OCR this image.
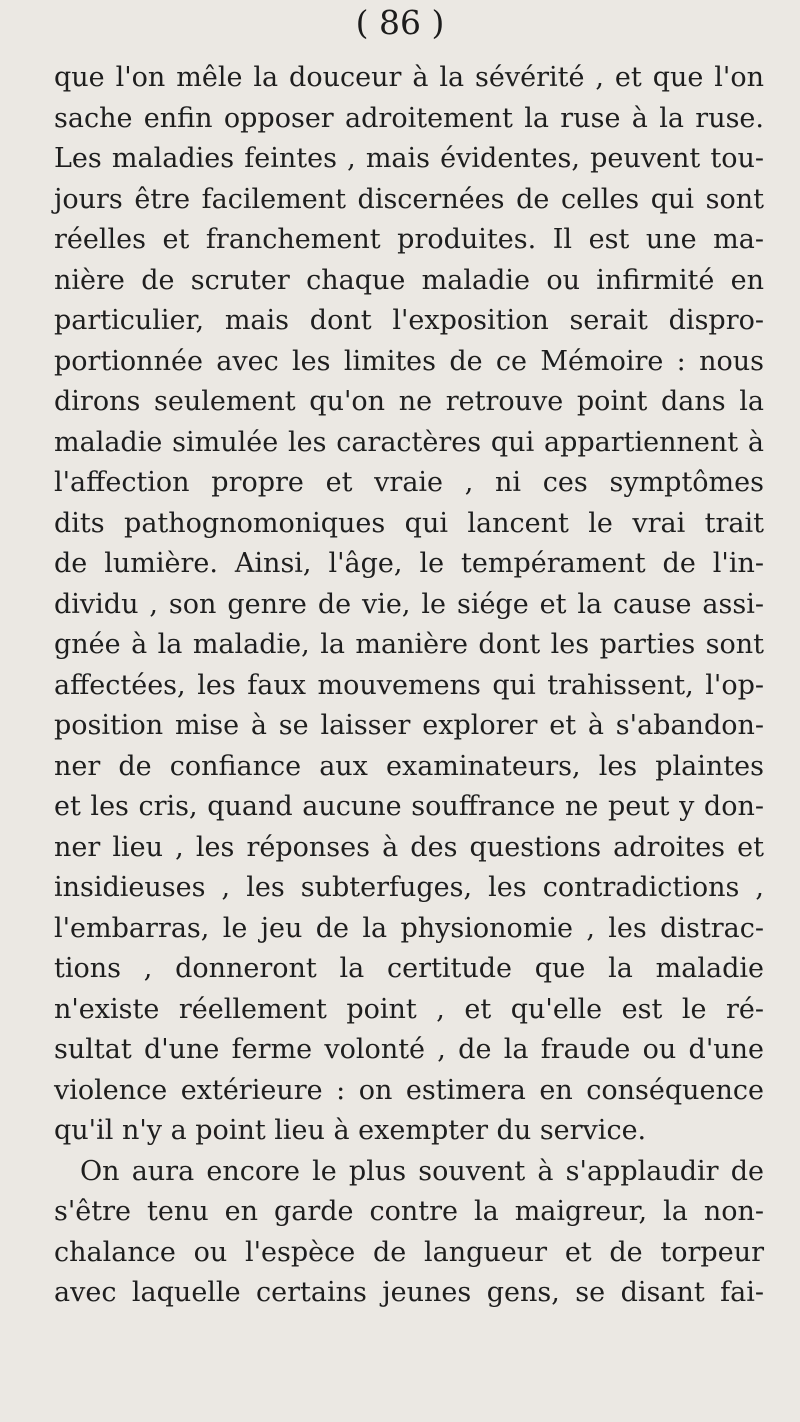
( 86 )
que l'on mêle la douceur à la sévérité , et que l'on
sache enfin opposer adroitement la ruse à la ruse.
Les maladies feintes , mais évidentes, peuvent tou-
jours être facilement discernées de celles qui sont
réelles et franchement produites. Il est une ma-
nière de scruter chaque maladie ou infirmité en
particulier, mais dont l'exposition serait dispro-
portionnée avec les limites de ce Mémoire : nous
dirons seulement qu'on ne retrouve point dans la
maladie simulée les caractères qui appartiennent à
l'affection propre et vraie , ni ces symptômes
dits pathognomoniques qui lancent le vrai trait
de lumière. Ainsi, l'âge, le tempérament de l'in-
dividu , son genre de vie, le siége et la cause assi-
gnée à la maladie, la manière dont les parties sont
affectées, les faux mouvemens qui trahissent, l'op-
position mise à se laisser explorer et à s'abandon-
ner de confiance aux examinateurs, les plaintes
et les cris, quand aucune souffrance ne peut y don-
ner lieu , les réponses à des questions adroites et
insidieuses , les subterfuges, les contradictions ,
l'embarras, le jeu de la physionomie , les distrac-
tions , donneront la certitude que la maladie
n'existe réellement point , et qu'elle est le ré-
sultat d'une ferme volonté , de la fraude ou d'une
violence extérieure : on estimera en conséquence
qu'il n'y a point lieu à exempter du service.
On aura encore le plus souvent à s'applaudir de
s'être tenu en garde contre la maigreur, la non-
chalance ou l'espèce de langueur et de torpeur
avec laquelle certains jeunes gens, se disant fai-
